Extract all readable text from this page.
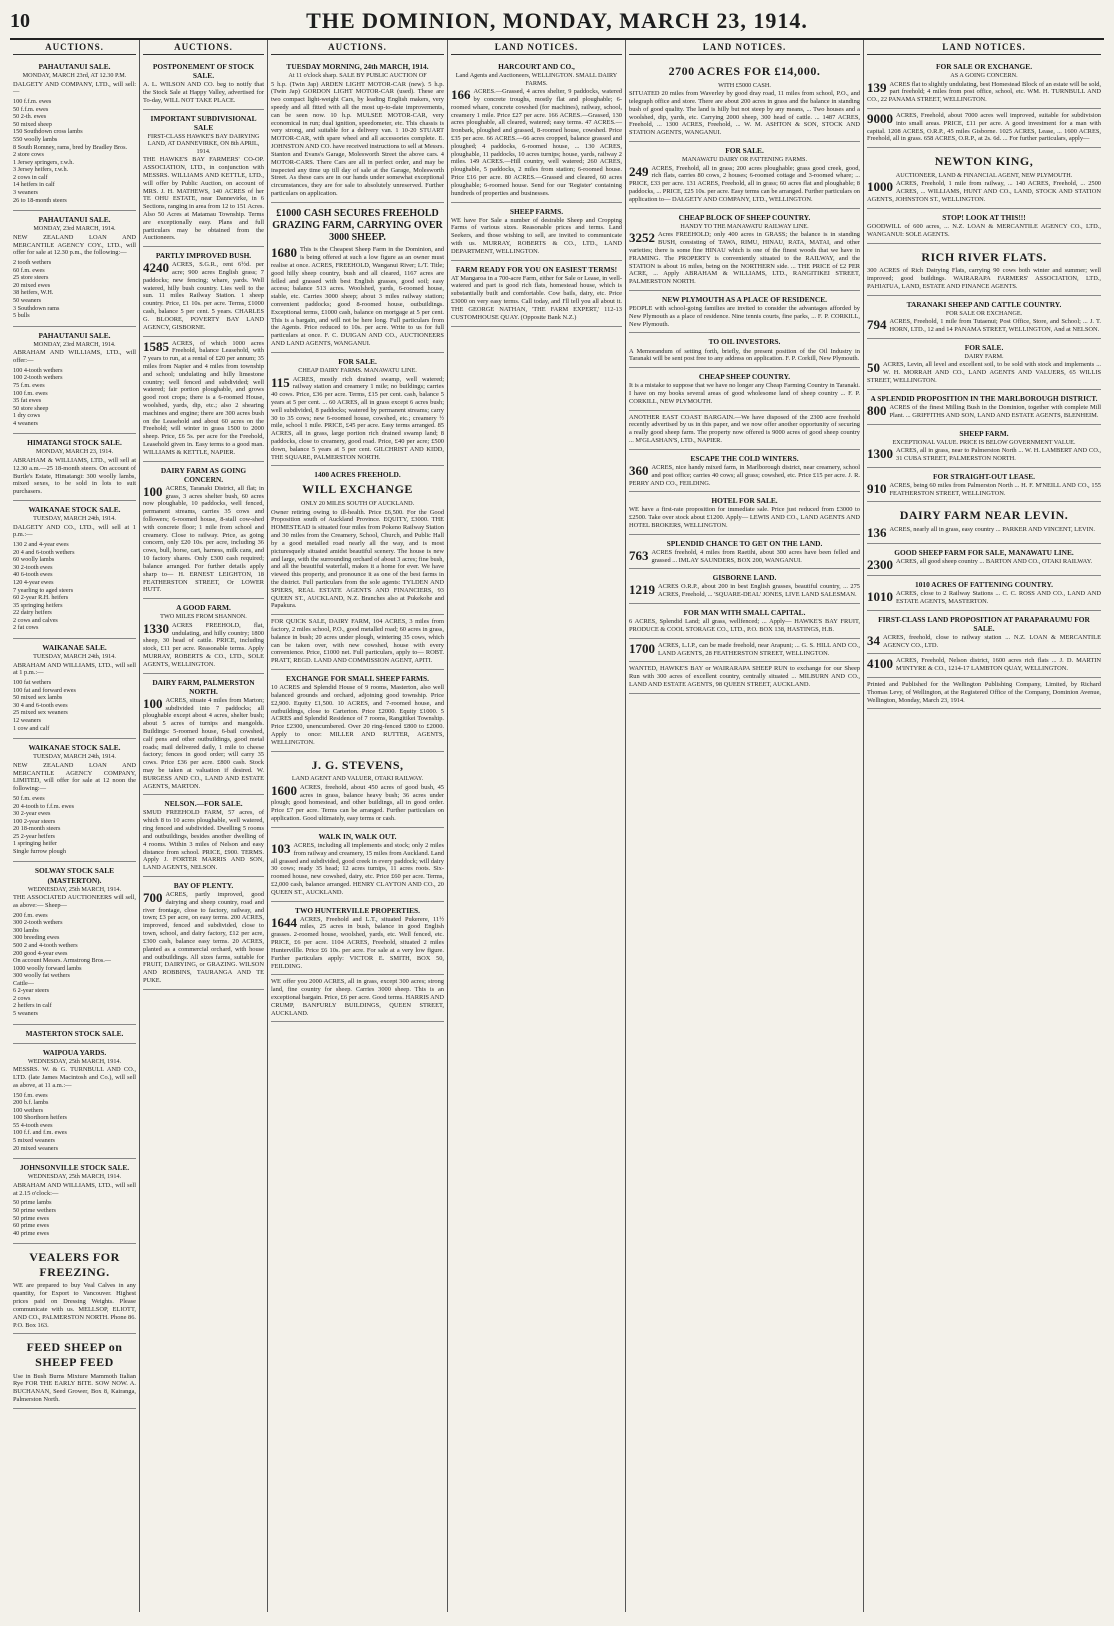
10	THE DOMINION, MONDAY, MARCH 23, 1914.
AUCTIONS.
PAHAUTANUI SALE.
MONDAY, MARCH 23rd, AT 12.30 P.M.
DALGETY AND COMPANY, LTD., will sell:—
100 f.f.m. ewes
50 f.f.m. ewes
50 2-th. ewes
50 mixed sheep
150 Southdown cross lambs
550 woolly lambs
8 South Romney, rams, bred by Bradley Bros.
2 store cows
1 Jersey springers, r.w.h.
3 Jersey heifers, r.w.h.
2 cows in calf
14 heifers in calf
3 weaners
26 to 18-month steers
PAHAUTANUI SALE.
MONDAY, 23rd MARCH, 1914.
NEW ZEALAND LOAN AND MERCANTILE AGENCY COY., LTD., will offer for sale at 12.30 p.m., the following:—
2 tooth wethers
60 f.m. ewes
25 store steers
20 mixed ewes
38 heifers, W.H.
50 weaners
3 Southdown rams
5 bulls
PAHAUTANUI SALE.
MONDAY, 23rd MARCH, 1914.
ABRAHAM AND WILLIAMS, LTD., will offer:—
100 4-tooth wethers
100 2-tooth wethers
75 f.m. ewes
100 f.m. ewes
35 fat ewes
50 store sheep
1 dry cows
4 weaners
HIMATANGI STOCK SALE.
MONDAY, MARCH 23, 1914.
ABRAHAM & WILLIAMS, LTD., will sell at 12.30 a.m.—25 18-month steers. On account of Burtle's Estate, Himatangi: 300 woolly lambs, mixed sexes, to be sold in lots to suit purchasers.
WAIKANAE STOCK SALE.
TUESDAY, MARCH 24th, 1914.
DALGETY AND CO., LTD., will sell at 1 p.m.:—
130 2 and 4-year ewes
20 4 and 6-tooth wethers
60 woolly lambs
30 2-tooth ewes
40 6-tooth ewes
120 4-year ewes
7 yearling to aged steers
60 2-year R.H. heifers
35 springing heifers
22 dairy heifers
2 cows and calves
2 fat cows
WAIKANAE SALE.
TUESDAY, MARCH 24th, 1914.
ABRAHAM AND WILLIAMS, LTD., will sell at 1 p.m.:—
100 fat wethers
100 fat and forward ewes
50 mixed sex lambs
30 4 and 6-tooth ewes
25 mixed sex weaners
12 weaners
1 cow and calf
WAIKANAE STOCK SALE.
TUESDAY, MARCH 24th, 1914.
NEW ZEALAND LOAN AND MERCANTILE AGENCY COMPANY, LIMITED, will offer for sale at 12 noon the following:—
50 f.m. ewes
20 4-tooth to f.f.m. ewes
30 2-year ewes
100 2-year steers
20 18-month steers
25 2-year heifers
1 springing heifer
Single furrow plough
SOLWAY STOCK SALE (MASTERTON).
WEDNESDAY, 25th MARCH, 1914.
THE ASSOCIATED AUCTIONEERS will sell, as above:— Sheep—
200 f.m. ewes
300 2-tooth wethers
300 lambs
300 breeding ewes
500 2 and 4-tooth wethers
200 good 4-year ewes
On account Messrs. Armstrong Bros.—
1000 woolly forward lambs
300 woolly fat wethers
Cattle—
6 2-year steers
2 cows
2 heifers in calf
5 weaners
MASTERTON STOCK SALE.
WAIPOUA YARDS.
WEDNESDAY, 25th MARCH, 1914.
MESSRS. W. & G. TURNBULL AND CO., LTD. (late James Macintosh and Co.), will sell as above, at 11 a.m.:—
150 f.m. ewes
200 b.f. lambs
100 wethers
100 Shorthorn heifers
55 4-tooth ewes
100 f.f. and f.m. ewes
5 mixed weaners
20 mixed weaners
JOHNSONVILLE STOCK SALE.
WEDNESDAY, 25th MARCH, 1914.
ABRAHAM AND WILLIAMS, LTD., will sell at 2.15 o'clock:—
50 prime lambs
50 prime wethers
50 prime ewes
60 prime ewes
40 prime ewes
VEALERS FOR FREEZING.
WE are prepared to buy Veal Calves in any quantity, for Export to Vancouver. Highest prices paid on Dressing Weights. Please communicate with us. MELLSOP, ELIOTT, AND CO., PALMERSTON NORTH. Phone 86. P.O. Box 163.
FEED SHEEP on SHEEP FEED
Use in Bush Burns Mixture Mammoth Italian Rye FOR THE EARLY BITE. SOW NOW. A. BUCHANAN, Seed Grower, Box 8, Kairanga, Palmerston North.
AUCTIONS.
POSTPONEMENT OF STOCK SALE.
A. L. WILSON AND CO. beg to notify that the Stock Sale at Happy Valley, advertised for To-day, WILL NOT TAKE PLACE.
IMPORTANT SUBDIVISIONAL SALE
FIRST-CLASS HAWKE'S BAY DAIRYING LAND, AT DANNEVIRKE, ON 8th APRIL, 1914.
THE HAWKE'S BAY FARMERS' CO-OP. ASSOCIATION, LTD., in conjunction with MESSRS. WILLIAMS AND KETTLE, LTD., will offer by Public Auction, on account of MRS. J. H. MATHEWS, 140 ACRES of her TE OHU ESTATE, near Dannevirke, in 6 Sections, ranging in area from 12 to 151 Acres. Also 50 Acres at Matamau Township. Terms are exceptionally easy. Plans and full particulars may be obtained from the Auctioneers.
PARTLY IMPROVED BUSH.
4240 ACRES, S.G.R., rent 6½d. per acre; 900 acres English grass; 7 paddocks; new fencing; whare, yards. Well watered, hilly bush country. Lies well to the sun. 11 miles Railway Station. 1 sheep country. Price, £1 10s. per acre. Terms, £1000 cash, balance 5 per cent. 5 years. CHARLES G. BLOORE, POVERTY BAY LAND AGENCY, GISBORNE.
1585 ACRES, of which 1000 acres Freehold, balance Leasehold, with 7 years to run, at a rental of £20 per annum; 35 miles from Napier and 4 miles from township and school; undulating and hilly limestone country; well fenced and subdivided; well watered; fair portion ploughable, and grows good root crops; there is a 6-roomed House, woolshed, yards, dip, etc.; also 2 shearing machines and engine; there are 300 acres bush on the Leasehold and about 60 acres on the Freehold; will winter in grass 1500 to 2000 sheep. Price, £6 5s. per acre for the Freehold, Leasehold given in. Easy terms to a good man. WILLIAMS & KETTLE, NAPIER.
DAIRY FARM AS GOING CONCERN.
100 ACRES, Taranaki District, all flat; in grass, 3 acres shelter bush, 60 acres now ploughable, 10 paddocks, well fenced, permanent streams, carries 35 cows and followers; 6-roomed house, 8-stall cow-shed with concrete floor; 1 mile from school and creamery. Close to railway. Price, as going concern, only £20 10s. per acre, including 36 cows, bull, horse, cart, harness, milk cans, and 10 factory shares. Only £300 cash required; balance arranged. For further details apply sharp to— H. ERNEST LEIGHTON, 18 FEATHERSTON STREET, Or LOWER HUTT.
A GOOD FARM.
TWO MILES FROM SHANNON.
1330 ACRES FREEHOLD, flat, undulating, and hilly country; 1800 sheep, 30 head of cattle. PRICE, including stock, £11 per acre. Reasonable terms. Apply MURRAY, ROBERTS & CO., LTD., SOLE AGENTS, WELLINGTON.
DAIRY FARM, PALMERSTON NORTH.
100 ACRES, situate 4 miles from Marton; subdivided into 7 paddocks; all ploughable except about 4 acres, shelter bush; about 5 acres of turnips and mangolds. Buildings: 5-roomed house, 6-bail cowshed, calf pens and other outbuildings, good metal roads; mail delivered daily, 1 mile to cheese factory; fences in good order; will carry 35 cows. Price £36 per acre. £800 cash. Stock may be taken at valuation if desired. W. BURGESS AND CO., LAND AND ESTATE AGENTS, MARTON.
NELSON.—FOR SALE.
SMUD FREEHOLD FARM, 57 acres, of which 8 to 10 acres ploughable, well watered, ring fenced and subdivided. Dwelling 5 rooms and outbuildings, besides another dwelling of 4 rooms. Within 3 miles of Nelson and easy distance from school. PRICE, £900. TERMS. Apply J. FORTER MARRIS AND SON, LAND AGENTS, NELSON.
BAY OF PLENTY.
700 ACRES, partly improved, good dairying and sheep country, road and river frontage, close to factory, railway, and town; £3 per acre, on easy terms. 200 ACRES, improved, fenced and subdivided, close to town, school, and dairy factory, £12 per acre, £300 cash, balance easy terms. 20 ACRES, planted as a commercial orchard, with house and outbuildings. All sizes farms, suitable for FRUIT, DAIRYING, or GRAZING. WILSON AND ROBBINS, TAURANGA AND TE PUKE.
AUCTIONS.
TUESDAY MORNING, 24th MARCH, 1914.
At 11 o'clock sharp. SALE BY PUBLIC AUCTION OF
5 h.p. (Twin Jap) ARDEN LIGHT MOTOR-CAR (new). 5 h.p. (Twin Jap) GORDON LIGHT MOTOR-CAR (used). These are two compact light-weight Cars, by leading English makers, very speedy and all fitted with all the most up-to-date improvements, can be seen now. 10 h.p. MULSEE MOTOR-CAR, very economical in run; dual ignition, speedometer, etc. This chassis is very strong, and suitable for a delivery van. 1 10-20 STUART MOTOR-CAR, with spare wheel and all accessories complete. E. JOHNSTON AND CO. have received instructions to sell at Messrs. Stanton and Evans's Garage, Molesworth Street the above cars. 4 MOTOR-CARS. There Cars are all in perfect order, and may be inspected any time up till day of sale at the Garage, Molesworth Street. As these cars are in our hands under somewhat exceptional circumstances, they are for sale to absolutely unreserved. Further particulars on application.
£1000 CASH SECURES FREEHOLD GRAZING FARM, CARRYING OVER 3000 SHEEP.
1680 This is the Cheapest Sheep Farm in the Dominion, and is being offered at such a low figure as an owner must realise at once. ACRES, FREEHOLD, Wanganui River; L/T. Title; good hilly sheep country, bush and all cleared, 1167 acres are felled and grassed with best English grasses, good soil; easy access; balance 513 acres. Woolshed, yards, 6-roomed house, stable, etc. Carries 3000 sheep; about 3 miles railway station; convenient paddocks; good 8-roomed house, outbuildings. Exceptional terms, £1000 cash, balance on mortgage at 5 per cent. This is a bargain, and will not be here long. Full particulars from the Agents. Price reduced to 10s. per acre. Write to us for full particulars at once. F. C. DUIGAN AND CO., AUCTIONEERS AND LAND AGENTS, WANGANUI.
FOR SALE.
CHEAP DAIRY FARMS. MANAWATU LINE.
115 ACRES, mostly rich drained swamp, well watered; railway station and creamery 1 mile; no buildings; carries 40 cows. Price, £36 per acre. Terms, £15 per cent. cash, balance 5 years at 5 per cent. ... 60 ACRES, all in grass except 6 acres bush; well subdivided, 8 paddocks; watered by permanent streams; carry 30 to 35 cows; new 6-roomed house, cowshed, etc.; creamery ½ mile, school 1 mile. PRICE, £45 per acre. Easy terms arranged. 85 ACRES, all in grass, large portion rich drained swamp land; 8 paddocks, close to creamery, good road. Price, £40 per acre; £500 down, balance 5 years at 5 per cent. GILCHRIST AND KIDD, THE SQUARE, PALMERSTON NORTH.
1400 ACRES FREEHOLD.
WILL EXCHANGE
ONLY 20 MILES SOUTH OF AUCKLAND.
Owner retiring owing to ill-health. Price £6,500. For the Good Proposition south of Auckland Province. EQUITY, £3000. THE HOMESTEAD is situated four miles from Pokeno Railway Station and 30 miles from the Creamery, School, Church, and Public Hall by a good metalled road nearly all the way, and is most picturesquely situated amidst beautiful scenery. The house is new and large, with the surrounding orchard of about 3 acres; fine bush, and all the beautiful waterfall, makes it a home for ever. We have viewed this property, and pronounce it as one of the best farms in the district. Full particulars from the sole agents: TYLDEN AND SPIERS, REAL ESTATE AGENTS AND FINANCIERS, 93 QUEEN ST., AUCKLAND, N.Z. Branches also at Pukekohe and Papakura.
FOR QUICK SALE, DAIRY FARM, 104 ACRES, 3 miles from factory, 2 miles school, P.O., good metalled road; 60 acres in grass, balance in bush; 20 acres under plough, wintering 35 cows, which can be taken over, with new cowshed, house with every convenience. Price, £1000 net. Full particulars, apply to— ROBT. PRATT, REGD. LAND AND COMMISSION AGENT, APITI.
EXCHANGE FOR SMALL SHEEP FARMS.
10 ACRES and Splendid House of 9 rooms, Masterton, also well balanced grounds and orchard, adjoining good township. Price £2,900. Equity £1,500. 10 ACRES, and 7-roomed house, and outbuildings, close to Carterton. Price £2000. Equity £1000. 5 ACRES and Splendid Residence of 7 rooms, Rangitikei Township. Price £2300, unencumbered. Over 20 ring-fenced £800 to £2000. Apply to once: MILLER AND RUTTER, AGENTS, WELLINGTON.
J. G. STEVENS,
LAND AGENT AND VALUER, OTAKI RAILWAY.
1600 ACRES, freehold, about 450 acres of good bush, 45 acres in grass, balance heavy bush; 36 acres under plough; good homestead, and other buildings, all in good order. Price £7 per acre. Terms can be arranged. Further particulars on application. Good ultimately, easy terms or cash.
WALK IN, WALK OUT.
103 ACRES, including all implements and stock; only 2 miles from railway and creamery, 15 miles from Auckland. Land all grassed and subdivided, good creek in every paddock; will dairy 30 cows; ready 35 head; 12 acres turnips, 11 acres roots. Six-roomed house, new cowshed, dairy, etc. Price £60 per acre. Terms, £2,000 cash, balance arranged. HENRY CLAYTON AND CO., 20 QUEEN ST., AUCKLAND.
TWO HUNTERVILLE PROPERTIES.
1644 ACRES, Freehold and L.T., situated Pukerere, 11½ miles, 25 acres in bush, balance in good English grasses. 2-roomed house, woolshed, yards, etc. Well fenced, etc. PRICE, £6 per acre. 1104 ACRES, Freehold, situated 2 miles Huntervillle. Price £6 10s. per acre. For sale at a very low figure. Further particulars apply: VICTOR E. SMITH, BOX 50, FEILDING.
WE offer you 2000 ACRES, all in grass, except 300 acres; strong land, fine country for sheep. Carries 3000 sheep. This is an exceptional bargain. Price, £6 per acre. Good terms. HARRIS AND CRUMP, BANFURLY BUILDINGS, QUEEN STREET, AUCKLAND.
LAND NOTICES.
HARCOURT AND CO.,
Land Agents and Auctioneers, WELLINGTON. SMALL DAIRY FARMS.
166 ACRES.—Grassed, 4 acres shelter, 9 paddocks, watered by concrete troughs, mostly flat and ploughable; 6-roomed whare, concrete cowshed (for machines), railway, school, creamery 1 mile. Price £27 per acre. 166 ACRES.—Grassed, 130 acres ploughable, all cleared, watered; easy terms. 47 ACRES.—Ironbark, ploughed and grassed, 8-roomed house, cowshed. Price £35 per acre. 66 ACRES.—66 acres cropped, balance grassed and ploughed; 4 paddocks, 6-roomed house, ... 130 ACRES, ploughable, 11 paddocks, 10 acres turnips; house, yards, railway 2 miles. 149 ACRES.—Hill country, well watered; 260 ACRES, ploughable, 5 paddocks, 2 miles from station; 6-roomed house. Price £16 per acre. 80 ACRES.—Grassed and cleared, 60 acres ploughable; 6-roomed house. Send for our 'Register' containing hundreds of properties and businesses.
SHEEP FARMS.
WE have For Sale a number of desirable Sheep and Cropping Farms of various sizes. Reasonable prices and terms. Land Seekers, and those wishing to sell, are invited to communicate with us. MURRAY, ROBERTS & CO., LTD., LAND DEPARTMENT, WELLINGTON.
FARM READY FOR YOU ON EASIEST TERMS!
AT Mangaroa in a 700-acre Farm, either for Sale or Lease, in well-watered and part is good rich flats, homestead house, which is substantially built and comfortable. Cow bails, dairy, etc. Price £3000 on very easy terms. Call today, and I'll tell you all about it. THE GEORGE NATHAN, 'THE FARM EXPERT,' 112-13 CUSTOMHOUSE QUAY. (Opposite Bank N.Z.)
LAND NOTICES.
2700 ACRES FOR £14,000.
WITH £5000 CASH.
SITUATED 20 miles from Waverley by good dray road, 11 miles from school, P.O., and telegraph office and store. There are about 200 acres in grass and the balance in standing bush of good quality. The land is hilly but not steep by any means, ... Two houses and a woolshed, dip, yards, etc. Carrying 2000 sheep, 300 head of cattle. ... 1487 ACRES, Freehold, ... 1300 ACRES, Freehold, ... W. M. ASHTON & SON, STOCK AND STATION AGENTS, WANGANUI.
FOR SALE.
MANAWATU DAIRY OR FATTENING FARMS.
249 ACRES, Freehold, all in grass; 200 acres ploughable; grass good creek, good, rich flats, carries 80 cows, 2 houses; 6-roomed cottage and 3-roomed whare; ... PRICE, £33 per acre. 131 ACRES, Freehold, all in grass; 60 acres flat and ploughable; 8 paddocks, ... PRICE, £25 10s. per acre. Easy terms can be arranged. Further particulars on application to— DALGETY AND COMPANY, LTD., WELLINGTON.
CHEAP BLOCK OF SHEEP COUNTRY.
HANDY TO THE MANAWATU RAILWAY LINE.
3252 Acres FREEHOLD; only 400 acres in GRASS; the balance is in standing BUSH, consisting of TAWA, RIMU, HINAU, RATA, MATAI, and other varieties; there is some fine HINAU which is one of the finest woods that we have in FRAMING. The PROPERTY is conveniently situated to the RAILWAY, and the STATION is about 16 miles, being on the NORTHERN side. ... THE PRICE of £2 PER ACRE, ... Apply ABRAHAM & WILLIAMS, LTD., RANGITIKEI STREET, PALMERSTON NORTH.
NEW PLYMOUTH AS A PLACE OF RESIDENCE.
PEOPLE with school-going families are invited to consider the advantages afforded by New Plymouth as a place of residence. Nine tennis courts, fine parks, ... F. P. CORKILL, New Plymouth.
TO OIL INVESTORS.
A Memorandum of setting forth, briefly, the present position of the Oil Industry in Taranaki will be sent post free to any address on application. F. P. Corkill, New Plymouth.
CHEAP SHEEP COUNTRY.
It is a mistake to suppose that we have no longer any Cheap Farming Country in Taranaki. I have on my books several areas of good wholesome land of sheep country ... F. P. CORKILL, NEW PLYMOUTH.
ANOTHER EAST COAST BARGAIN.—We have disposed of the 2300 acre freehold recently advertised by us in this paper, and we now offer another opportunity of securing a really good sheep farm. The property now offered is 9000 acres of good sheep country ... M'GLASHAN'S, LTD., NAPIER.
ESCAPE THE COLD WINTERS.
360 ACRES, nice handy mixed farm, in Marlborough district, near creamery, school and post office; carries 40 cows; all grass; cowshed, etc. Price £15 per acre. J. R. PERRY AND CO., FEILDING.
HOTEL FOR SALE.
WE have a first-rate proposition for immediate sale. Price just reduced from £3000 to £2500. Take over stock about £1200. Apply— LEWIS AND CO., LAND AGENTS AND HOTEL BROKERS, WELLINGTON.
SPLENDID CHANCE TO GET ON THE LAND.
763 ACRES freehold, 4 miles from Raetihi, about 300 acres have been felled and grassed ... IMLAY SAUNDERS, BOX 200, WANGANUI.
GISBORNE LAND.
1219 ACRES O.R.P., about 200 in best English grasses, beautiful country, ... 275 ACRES, Freehold, ... 'SQUARE-DEAL' JONES, LIVE LAND SALESMAN.
FOR MAN WITH SMALL CAPITAL.
6 ACRES, Splendid Land; all grass, wellfenced; ... Apply— HAWKE'S BAY FRUIT, PRODUCE & COOL STORAGE CO., LTD., P.O. BOX 138, HASTINGS, H.B.
1700 ACRES, L.I.P., can be made freehold, near Arapuni; ... G. S. HILL AND CO., LAND AGENTS, 28 FEATHERSTON STREET, WELLINGTON.
WANTED, HAWKE'S BAY or WAIRARAPA SHEEP RUN to exchange for our Sheep Run with 300 acres of excellent country, centrally situated ... MILBURN AND CO., LAND AND ESTATE AGENTS, 98 QUEEN STREET, AUCKLAND.
LAND NOTICES.
FOR SALE OR EXCHANGE.
AS A GOING CONCERN.
139 ACRES flat to slightly undulating, best Homestead Block of an estate will be sold, part freehold; 4 miles from post office, school, etc. WM. H. TURNBULL AND CO., 22 PANAMA STREET, WELLINGTON.
9000 ACRES, Freehold, about 7000 acres well improved, suitable for subdivision into small areas. PRICE, £11 per acre. A good investment for a man with capital. 1208 ACRES, O.R.P., 45 miles Gisborne. 1025 ACRES, Lease, ... 1600 ACRES, Freehold, all in grass. 658 ACRES, O.R.P., at 2s. 6d. ... For further particulars, apply—
NEWTON KING,
AUCTIONEER, LAND & FINANCIAL AGENT, NEW PLYMOUTH.
1000 ACRES, Freehold, 1 mile from railway, ... 140 ACRES, Freehold, ... 2500 ACRES, ... WILLIAMS, HUNT AND CO., LAND, STOCK AND STATION AGENTS, JOHNSTON ST., WELLINGTON.
STOP! LOOK AT THIS!!!
GOODWILL of 600 acres, ... N.Z. LOAN & MERCANTILE AGENCY CO., LTD., WANGANUI: SOLE AGENTS.
RICH RIVER FLATS.
300 ACRES of Rich Dairying Flats, carrying 90 cows both winter and summer; well improved; good buildings. WAIRARAPA FARMERS' ASSOCIATION, LTD., PAHIATUA, LAND, ESTATE AND FINANCE AGENTS.
TARANAKI SHEEP AND CATTLE COUNTRY.
FOR SALE OR EXCHANGE.
794 ACRES, Freehold, 1 mile from Tutaenui; Post Office, Store, and School; ... J. T. HORN, LTD., 12 and 14 PANAMA STREET, WELLINGTON, And at NELSON.
FOR SALE.
DAIRY FARM.
50 ACRES, Levin, all level and excellent soil, to be sold with stock and implements ... W. H. MORRAH AND CO., LAND AGENTS AND VALUERS, 65 WILLIS STREET, WELLINGTON.
A SPLENDID PROPOSITION IN THE MARLBOROUGH DISTRICT.
800 ACRES of the finest Milling Bush in the Dominion, together with complete Mill Plant. ... GRIFFITHS AND SON, LAND AND ESTATE AGENTS, BLENHEIM.
SHEEP FARM.
EXCEPTIONAL VALUE. PRICE IS BELOW GOVERNMENT VALUE.
1300 ACRES, all in grass, near to Palmerston North ... W. H. LAMBERT AND CO., 31 CUBA STREET, PALMERSTON NORTH.
FOR STRAIGHT-OUT LEASE.
910 ACRES, being 60 miles from Palmerston North ... H. F. M'NEILL AND CO., 155 FEATHERSTON STREET, WELLINGTON.
DAIRY FARM NEAR LEVIN.
136 ACRES, nearly all in grass, easy country ... PARKER AND VINCENT, LEVIN.
GOOD SHEEP FARM FOR SALE, MANAWATU LINE.
2300 ACRES, all good sheep country ... BARTON AND CO., OTAKI RAILWAY.
1010 ACRES OF FATTENING COUNTRY.
1010 ACRES, close to 2 Railway Stations ... C. C. ROSS AND CO., LAND AND ESTATE AGENTS, MASTERTON.
FIRST-CLASS LAND PROPOSITION AT PARAPARAUMU FOR SALE.
34 ACRES, freehold, close to railway station ... N.Z. LOAN & MERCANTILE AGENCY CO., LTD.
4100 ACRES, Freehold, Nelson district, 1600 acres rich flats ... J. D. MARTIN M'INTYRE & CO., 1214-17 LAMBTON QUAY, WELLINGTON.
Printed and Published for the Wellington Publishing Company, Limited, by Richard Thomas Levy, of Wellington, at the Registered Office of the Company, Dominion Avenue, Wellington, Monday, March 23, 1914.
